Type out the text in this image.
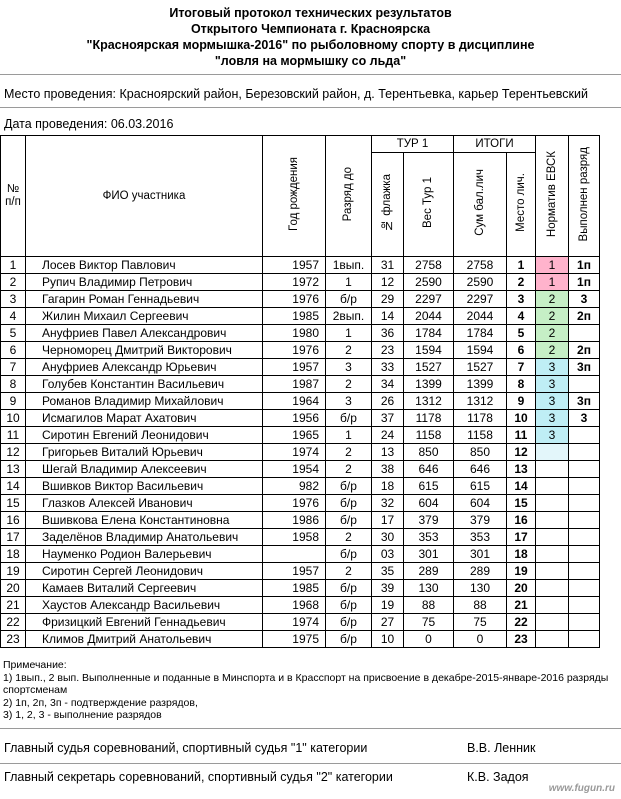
Итоговый протокол технических результатов
Открытого Чемпионата г. Красноярска
"Красноярская мормышка-2016" по рыболовному спорту в дисциплине
"ловля на мормышку со льда"
Место проведения: Красноярский район, Березовский район, д. Терентьевка, карьер Терентьевский
Дата проведения: 06.03.2016
№ п/п	ФИО участника	Год рождения	Разряд до	ТУР 1		ИТОГИ		Норматив ЕВСК	Выполнен разряд
				№ флажка	Вес Тур 1	Сум бал.лич	Место лич.		
1	Лосев Виктор Павлович	1957	1вып.	31	2758	2758	1	1	1п
2	Рупич Владимир Петрович	1972	1	12	2590	2590	2	1	1п
3	Гагарин Роман Геннадьевич	1976	б/р	29	2297	2297	3	2	3
4	Жилин Михаил Сергеевич	1985	2вып.	14	2044	2044	4	2	2п
5	Ануфриев Павел Александрович	1980	1	36	1784	1784	5	2	
6	Черноморец Дмитрий Викторович	1976	2	23	1594	1594	6	2	2п
7	Ануфриев Александр Юрьевич	1957	3	33	1527	1527	7	3	3п
8	Голубев Константин Васильевич	1987	2	34	1399	1399	8	3	
9	Романов Владимир Михайлович	1964	3	26	1312	1312	9	3	3п
10	Исмагилов Марат Ахатович	1956	б/р	37	1178	1178	10	3	3
11	Сиротин Евгений Леонидович	1965	1	24	1158	1158	11	3	
12	Григорьев Виталий Юрьевич	1974	2	13	850	850	12		
13	Шегай Владимир Алексеевич	1954	2	38	646	646	13		
14	Вшивков Виктор Васильевич	982	б/р	18	615	615	14		
15	Глазков Алексей Иванович	1976	б/р	32	604	604	15		
16	Вшивкова Елена Константиновна	1986	б/р	17	379	379	16		
17	Заделёнов Владимир Анатольевич	1958	2	30	353	353	17		
18	Науменко Родион Валерьевич		б/р	03	301	301	18		
19	Сиротин Сергей Леонидович	1957	2	35	289	289	19		
20	Камаев Виталий Сергеевич	1985	б/р	39	130	130	20		
21	Хаустов Александр Васильевич	1968	б/р	19	88	88	21		
22	Фризицкий Евгений Геннадьевич	1974	б/р	27	75	75	22		
23	Климов Дмитрий Анатольевич	1975	б/р	10	0	0	23		
Примечание:
1) 1вып., 2 вып. Выполненные и поданные в Минспорта и в Красспорт на присвоение в декабре-2015-январе-2016 разряды
спортсменам
2) 1п, 2п, 3п - подтверждение разрядов,
3) 1, 2, 3 - выполнение разрядов
Главный судья соревнований, спортивный судья "1" категории	В.В. Ленник
Главный секретарь соревнований, спортивный судья "2" категории	К.В. Задоя
www.fugun.ru
